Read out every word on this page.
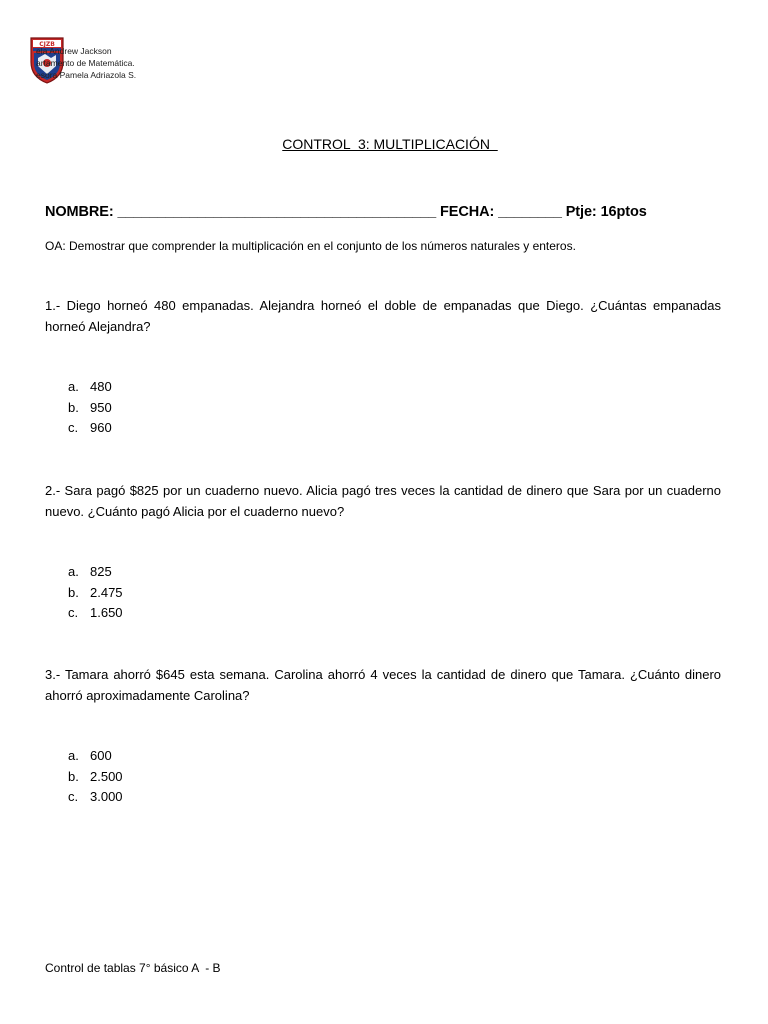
CJZB
ela Andrew Jackson
artamento de Matemática.
esora Pamela Adriazola S.
CONTROL  3: MULTIPLICACIÓN
NOMBRE: ________________________________________ FECHA: ________ Ptje: 16ptos
OA: Demostrar que comprender la multiplicación en el conjunto de los números naturales y enteros.
1.- Diego horneó 480 empanadas. Alejandra horneó el doble de empanadas que Diego. ¿Cuántas empanadas horneó Alejandra?
a. 480
b. 950
c. 960
2.- Sara pagó $825 por un cuaderno nuevo. Alicia pagó tres veces la cantidad de dinero que Sara por un cuaderno nuevo. ¿Cuánto pagó Alicia por el cuaderno nuevo?
a. 825
b. 2.475
c. 1.650
3.- Tamara ahorró $645 esta semana. Carolina ahorró 4 veces la cantidad de dinero que Tamara. ¿Cuánto dinero ahorró aproximadamente Carolina?
a. 600
b. 2.500
c. 3.000
Control de tablas 7° básico A  - B
